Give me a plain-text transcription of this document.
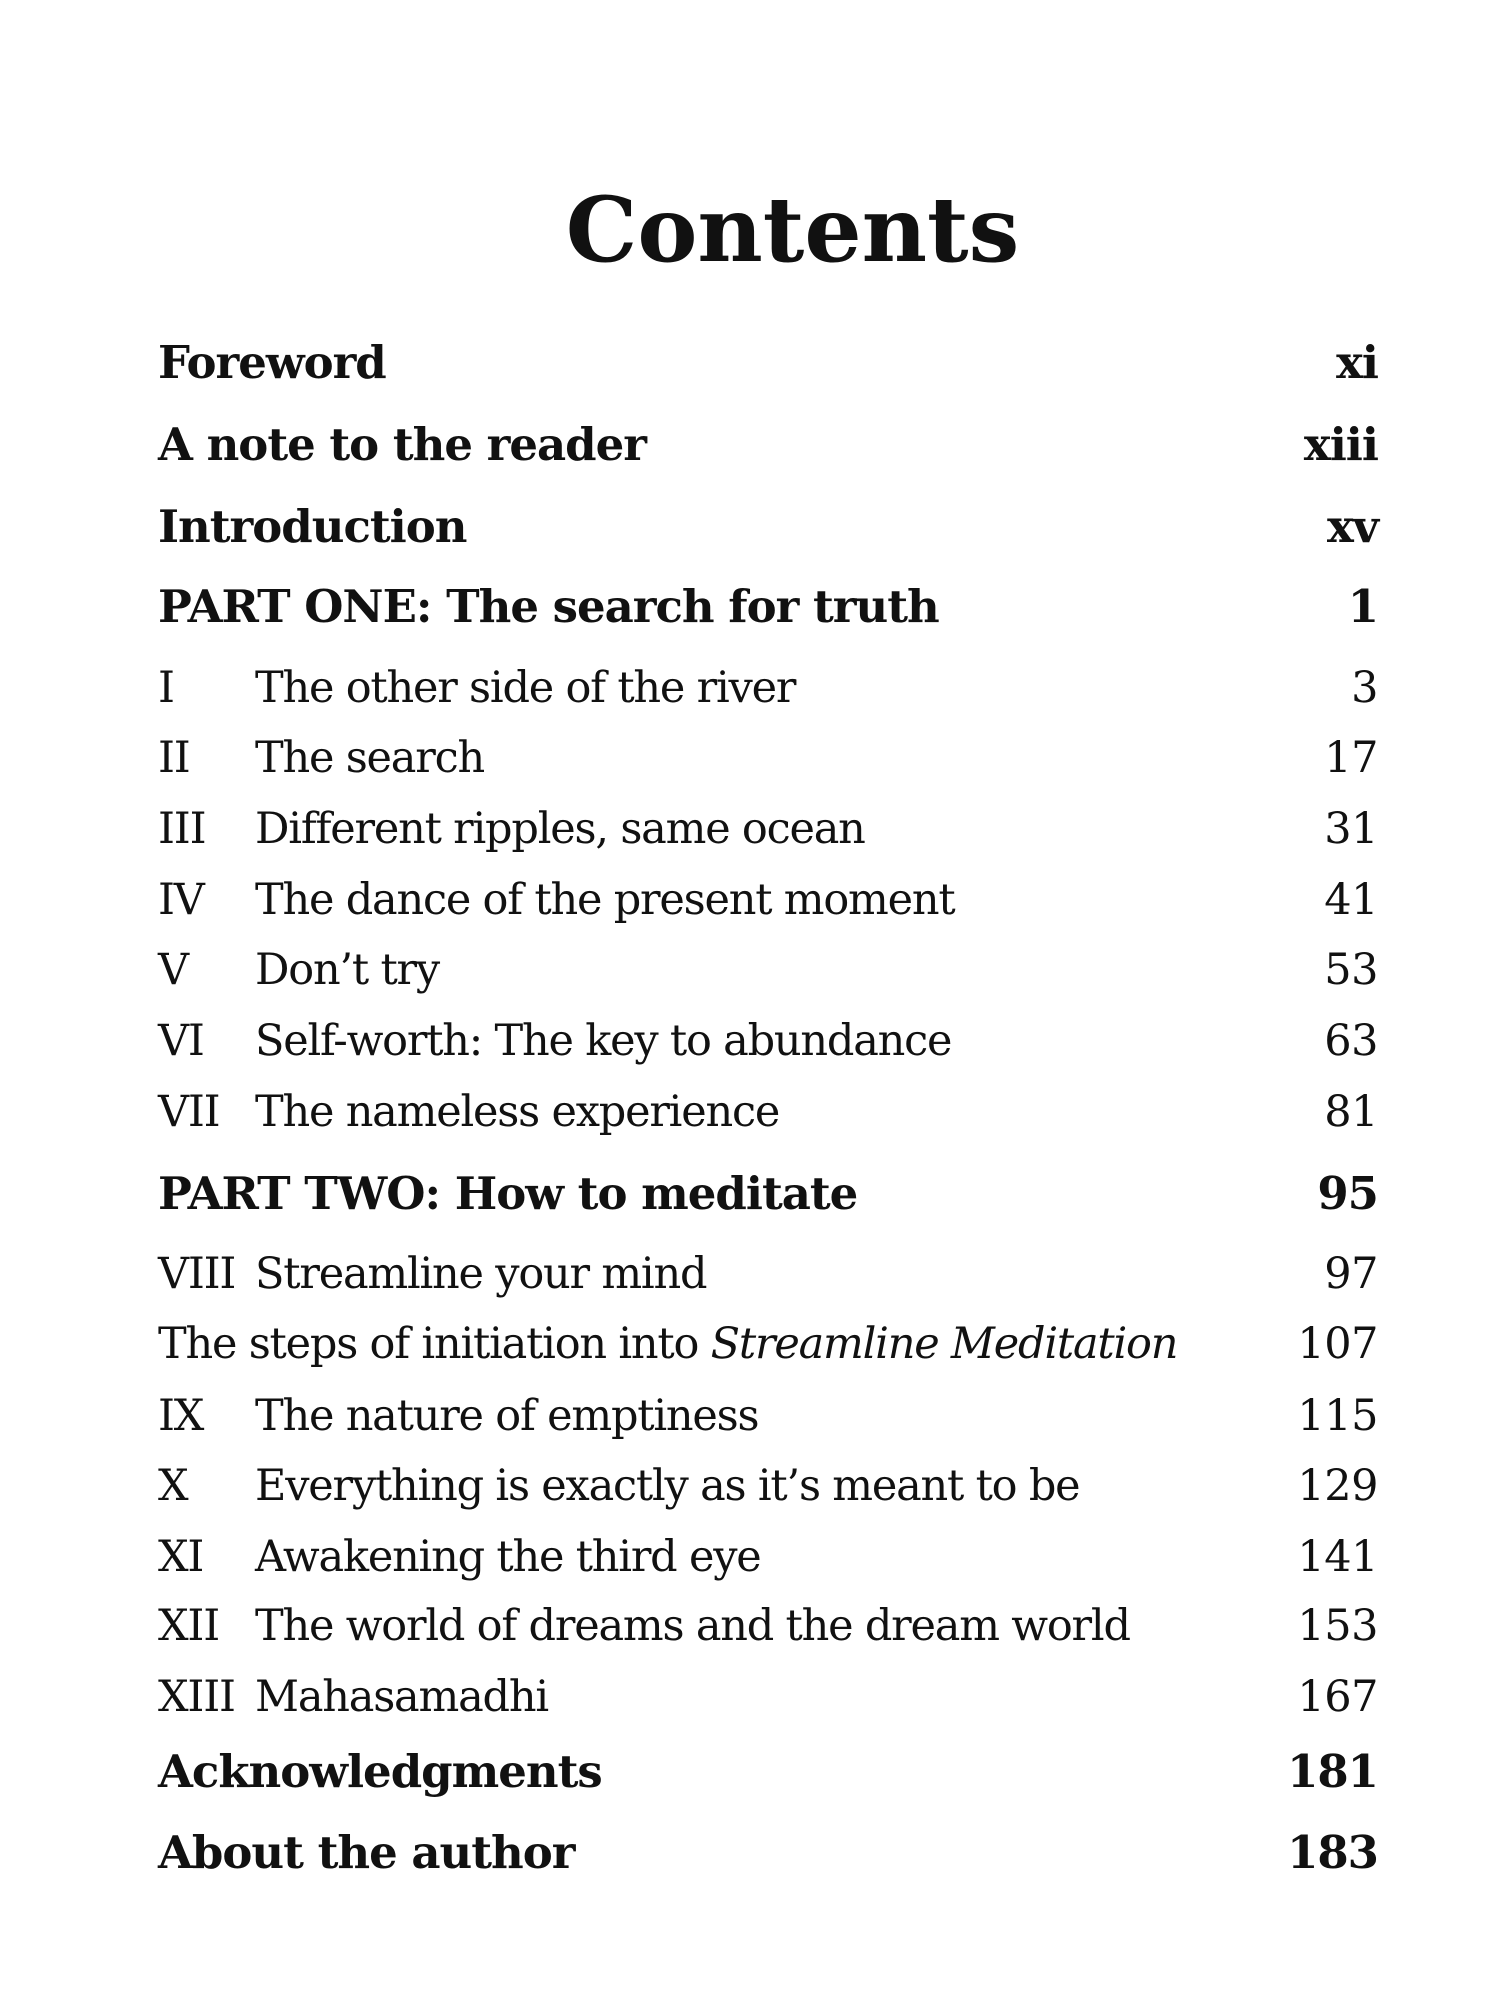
Contents
Foreword	xi
A note to the reader	xiii
Introduction	xv
PART ONE: The search for truth	1
I The other side of the river	3
II The search	17
III Different ripples, same ocean	31
IV The dance of the present moment	41
V Don’t try	53
VI Self-worth: The key to abundance	63
VII The nameless experience	81
PART TWO: How to meditate	95
VIII Streamline your mind	97
The steps of initiation into Streamline Meditation	107
IX The nature of emptiness	115
X Everything is exactly as it’s meant to be	129
XI Awakening the third eye	141
XII The world of dreams and the dream world	153
XIII Mahasamadhi	167
Acknowledgments	181
About the author	183
